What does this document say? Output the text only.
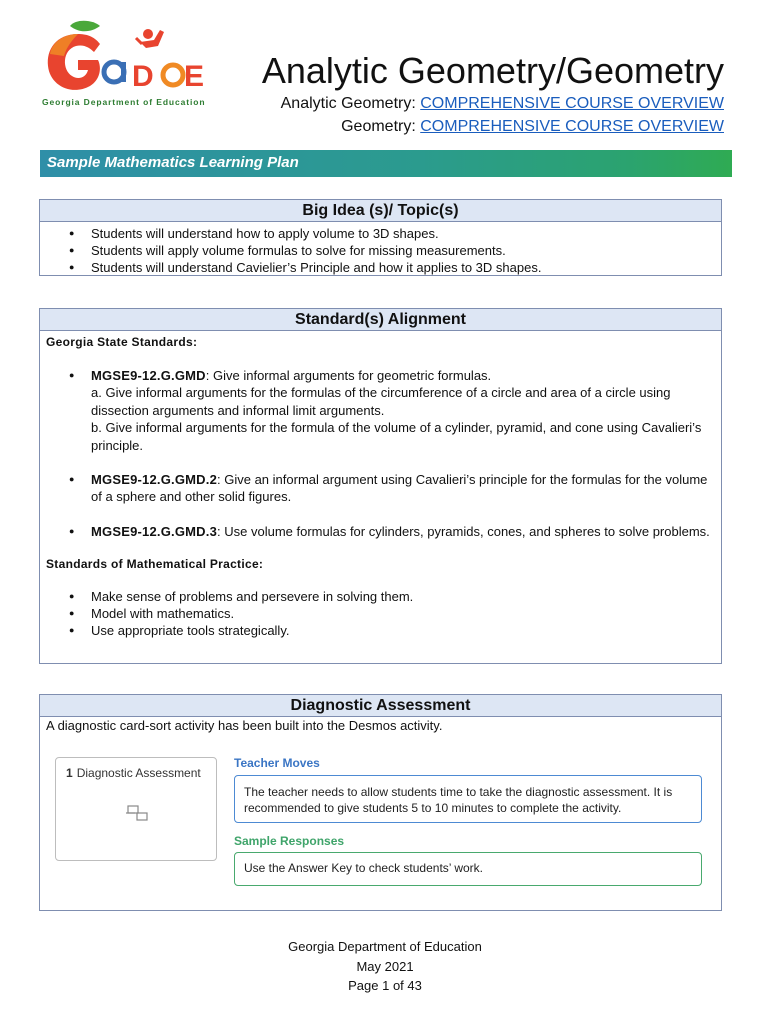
D E
Georgia Department of Education
Analytic Geometry/Geometry
Analytic Geometry: COMPREHENSIVE COURSE OVERVIEW
Geometry: COMPREHENSIVE COURSE OVERVIEW
Sample Mathematics Learning Plan
Big Idea (s)/ Topic(s)
● Students will understand how to apply volume to 3D shapes.
● Students will apply volume formulas to solve for missing measurements.
● Students will understand Cavielier’s Principle and how it applies to 3D shapes.
Standard(s) Alignment
Georgia State Standards:
● MGSE9-12.G.GMD: Give informal arguments for geometric formulas.
a. Give informal arguments for the formulas of the circumference of a circle and area of a circle using dissection arguments and informal limit arguments.
b. Give informal arguments for the formula of the volume of a cylinder, pyramid, and cone using Cavalieri’s principle.
● MGSE9-12.G.GMD.2: Give an informal argument using Cavalieri’s principle for the formulas for the volume of a sphere and other solid figures.
● MGSE9-12.G.GMD.3: Use volume formulas for cylinders, pyramids, cones, and spheres to solve problems.
Standards of Mathematical Practice:
● Make sense of problems and persevere in solving them.
● Model with mathematics.
● Use appropriate tools strategically.
Diagnostic Assessment
A diagnostic card-sort activity has been built into the Desmos activity.
1 Diagnostic Assessment
Teacher Moves
The teacher needs to allow students time to take the diagnostic assessment. It is recommended to give students 5 to 10 minutes to complete the activity.
Sample Responses
Use the Answer Key to check students’ work.
Georgia Department of Education
May 2021
Page 1 of 43
